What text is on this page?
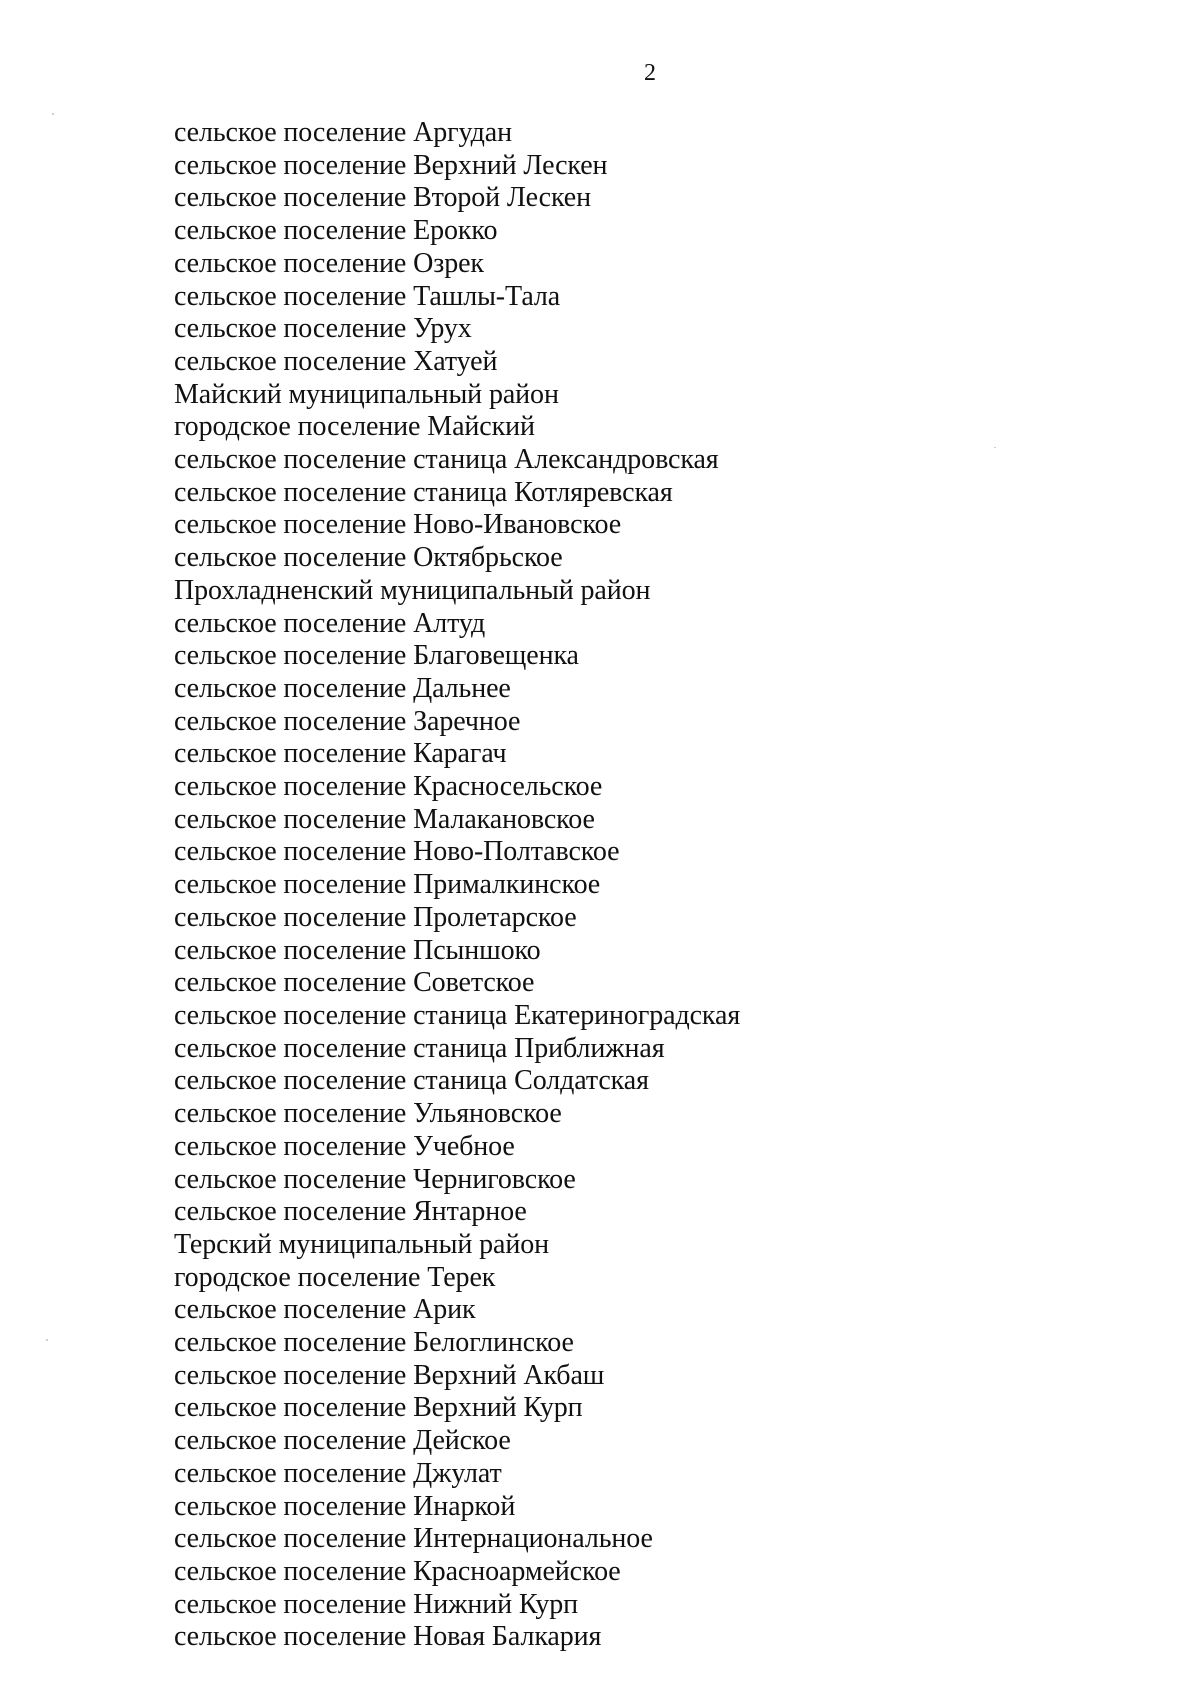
2
сельское поселение Аргудан
сельское поселение Верхний Лескен
сельское поселение Второй Лескен
сельское поселение Ерокко
сельское поселение Озрек
сельское поселение Ташлы-Тала
сельское поселение Урух
сельское поселение Хатуей
Майский муниципальный район
городское поселение Майский
сельское поселение станица Александровская
сельское поселение станица Котляревская
сельское поселение Ново-Ивановское
сельское поселение Октябрьское
Прохладненский муниципальный район
сельское поселение Алтуд
сельское поселение Благовещенка
сельское поселение Дальнее
сельское поселение Заречное
сельское поселение Карагач
сельское поселение Красносельское
сельское поселение Малакановское
сельское поселение Ново-Полтавское
сельское поселение Прималкинское
сельское поселение Пролетарское
сельское поселение Псыншоко
сельское поселение Советское
сельское поселение станица Екатериноградская
сельское поселение станица Приближная
сельское поселение станица Солдатская
сельское поселение Ульяновское
сельское поселение Учебное
сельское поселение Черниговское
сельское поселение Янтарное
Терский муниципальный район
городское поселение Терек
сельское поселение Арик
сельское поселение Белоглинское
сельское поселение Верхний Акбаш
сельское поселение Верхний Курп
сельское поселение Дейское
сельское поселение Джулат
сельское поселение Инаркой
сельское поселение Интернациональное
сельское поселение Красноармейское
сельское поселение Нижний Курп
сельское поселение Новая Балкария
